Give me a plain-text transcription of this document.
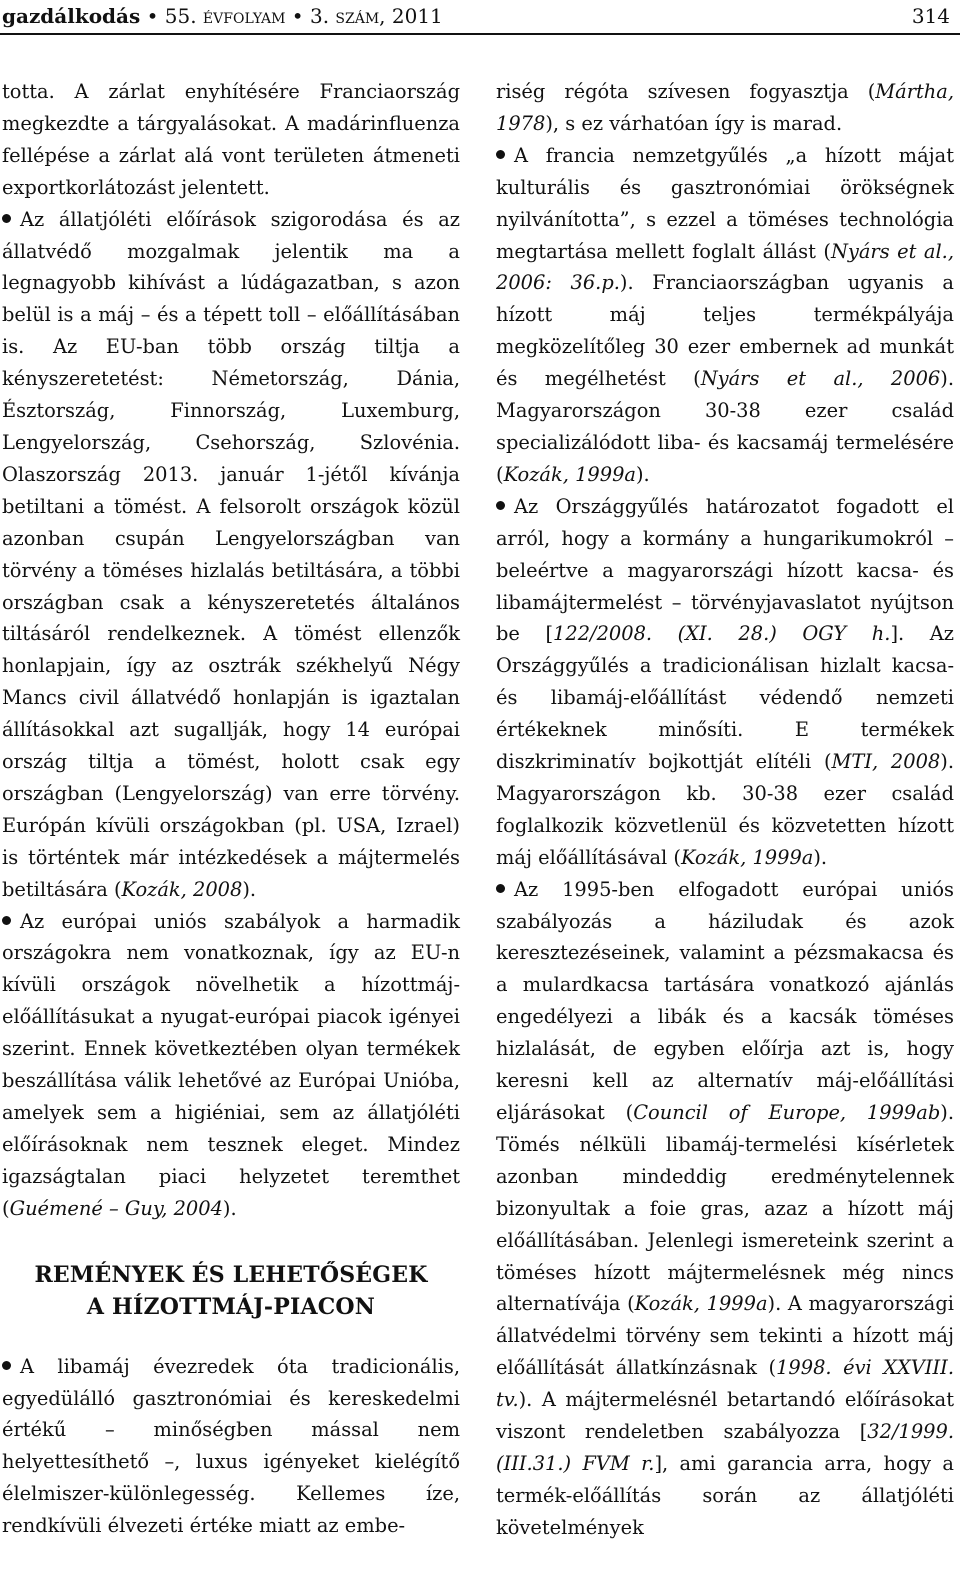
gazdálkodás • 55. évfolyam • 3. szám, 2011	314

totta. A zárlat enyhítésére Franciaország megkezdte a tárgyalásokat. A madárinfluenza fellépése a zárlat alá vont területen átmeneti exportkorlátozást jelentett.

Az állatjóléti előírások szigorodása és az állatvédő mozgalmak jelentik ma a legnagyobb kihívást a lúdágazatban, s azon belül is a máj – és a tépett toll – előállításában is. Az EU-ban több ország tiltja a kényszeretetést: Németország, Dánia, Észtország, Finnország, Luxemburg, Lengyelország, Csehország, Szlovénia. Olaszország 2013. január 1-jétől kívánja betiltani a tömést. A felsorolt országok közül azonban csupán Lengyelországban van törvény a töméses hizlalás betiltására, a többi országban csak a kényszeretetés általános tiltásáról rendelkeznek. A tömést ellenzők honlapjain, így az osztrák székhelyű Négy Mancs civil állatvédő honlapján is igaztalan állításokkal azt sugallják, hogy 14 európai ország tiltja a tömést, holott csak egy országban (Lengyelország) van erre törvény. Európán kívüli országokban (pl. USA, Izrael) is történtek már intézkedések a májtermelés betiltására (Kozák, 2008).

Az európai uniós szabályok a harmadik országokra nem vonatkoznak, így az EU-n kívüli országok növelhetik a hízottmáj-előállításukat a nyugat-európai piacok igényei szerint. Ennek következtében olyan termékek beszállítása válik lehetővé az Európai Unióba, amelyek sem a higiéniai, sem az állatjóléti előírásoknak nem tesznek eleget. Mindez igazságtalan piaci helyzetet teremthet (Guémené – Guy, 2004).

REMÉNYEK ÉS LEHETŐSÉGEK
A HÍZOTTMÁJ-PIACON

A libamáj évezredek óta tradicionális, egyedülálló gasztronómiai és kereskedelmi értékű – minőségben mással nem helyettesíthető –, luxus igényeket kielégítő élelmiszer-különlegesség. Kellemes íze, rendkívüli élvezeti értéke miatt az embe-

riség régóta szívesen fogyasztja (Mártha, 1978), s ez várhatóan így is marad.

A francia nemzetgyűlés „a hízott májat kulturális és gasztronómiai örökségnek nyilvánította”, s ezzel a töméses technológia megtartása mellett foglalt állást (Nyárs et al., 2006: 36.p.). Franciaországban ugyanis a hízott máj teljes termékpályája megközelítőleg 30 ezer embernek ad munkát és megélhetést (Nyárs et al., 2006). Magyarországon 30-38 ezer család specializálódott liba- és kacsamáj termelésére (Kozák, 1999a).

Az Országgyűlés határozatot fogadott el arról, hogy a kormány a hungarikumokról – beleértve a magyarországi hízott kacsa- és libamájtermelést – törvényjavaslatot nyújtson be [122/2008. (XI. 28.) OGY h.]. Az Országgyűlés a tradicionálisan hizlalt kacsa- és libamáj-előállítást védendő nemzeti értékeknek minősíti. E termékek diszkriminatív bojkottját elítéli (MTI, 2008). Magyarországon kb. 30-38 ezer család foglalkozik közvetlenül és közvetetten hízott máj előállításával (Kozák, 1999a).

Az 1995-ben elfogadott európai uniós szabályozás a háziludak és azok keresztezéseinek, valamint a pézsmakacsa és a mulardkacsa tartására vonatkozó ajánlás engedélyezi a libák és a kacsák töméses hizlalását, de egyben előírja azt is, hogy keresni kell az alternatív máj-előállítási eljárásokat (Council of Europe, 1999ab). Tömés nélküli libamáj-termelési kísérletek azonban mindeddig eredménytelennek bizonyultak a foie gras, azaz a hízott máj előállításában. Jelenlegi ismereteink szerint a töméses hízott májtermelésnek még nincs alternatívája (Kozák, 1999a). A magyarországi állatvédelmi törvény sem tekinti a hízott máj előállítását állatkínzásnak (1998. évi XXVIII. tv.). A májtermelésnél betartandó előírásokat viszont rendeletben szabályozza [32/1999.(III.31.) FVM r.], ami garancia arra, hogy a termék-előállítás során az állatjóléti követelmények
